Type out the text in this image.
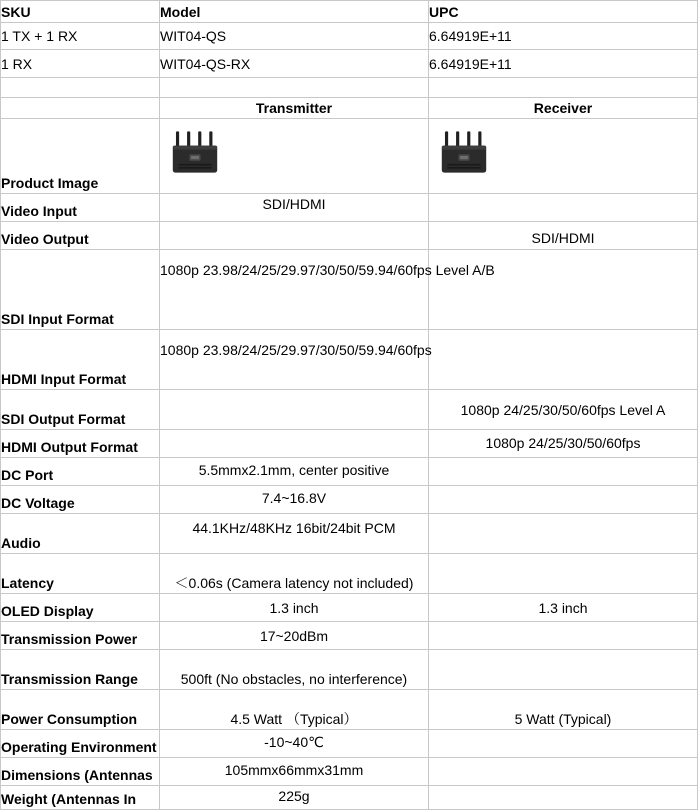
SKU	Model	UPC
1 TX + 1 RX	WIT04-QS	6.64919E+11
1 RX	WIT04-QS-RX	6.64919E+11

	Transmitter	Receiver
Product Image	

Video Input	SDI/HDMI	
Video Output		SDI/HDMI
SDI Input Format	1080p 23.98/24/25/29.97/30/50/59.94/60fps Level A/B	
HDMI Input Format	1080p 23.98/24/25/29.97/30/50/59.94/60fps	
SDI Output Format		1080p 24/25/30/50/60fps Level A
HDMI Output Format		1080p 24/25/30/50/60fps
DC Port	5.5mmx2.1mm, center positive	
DC Voltage	7.4~16.8V	
Audio	44.1KHz/48KHz 16bit/24bit PCM	
Latency	＜0.06s (Camera latency not included)	
OLED Display	1.3 inch	1.3 inch
Transmission Power	17~20dBm	
Transmission Range	500ft (No obstacles, no interference)	
Power Consumption	4.5 Watt （Typical）	5 Watt (Typical)
Operating Environment	-10~40℃	
Dimensions (Antennas	105mmx66mmx31mm	
Weight (Antennas In	225g	
